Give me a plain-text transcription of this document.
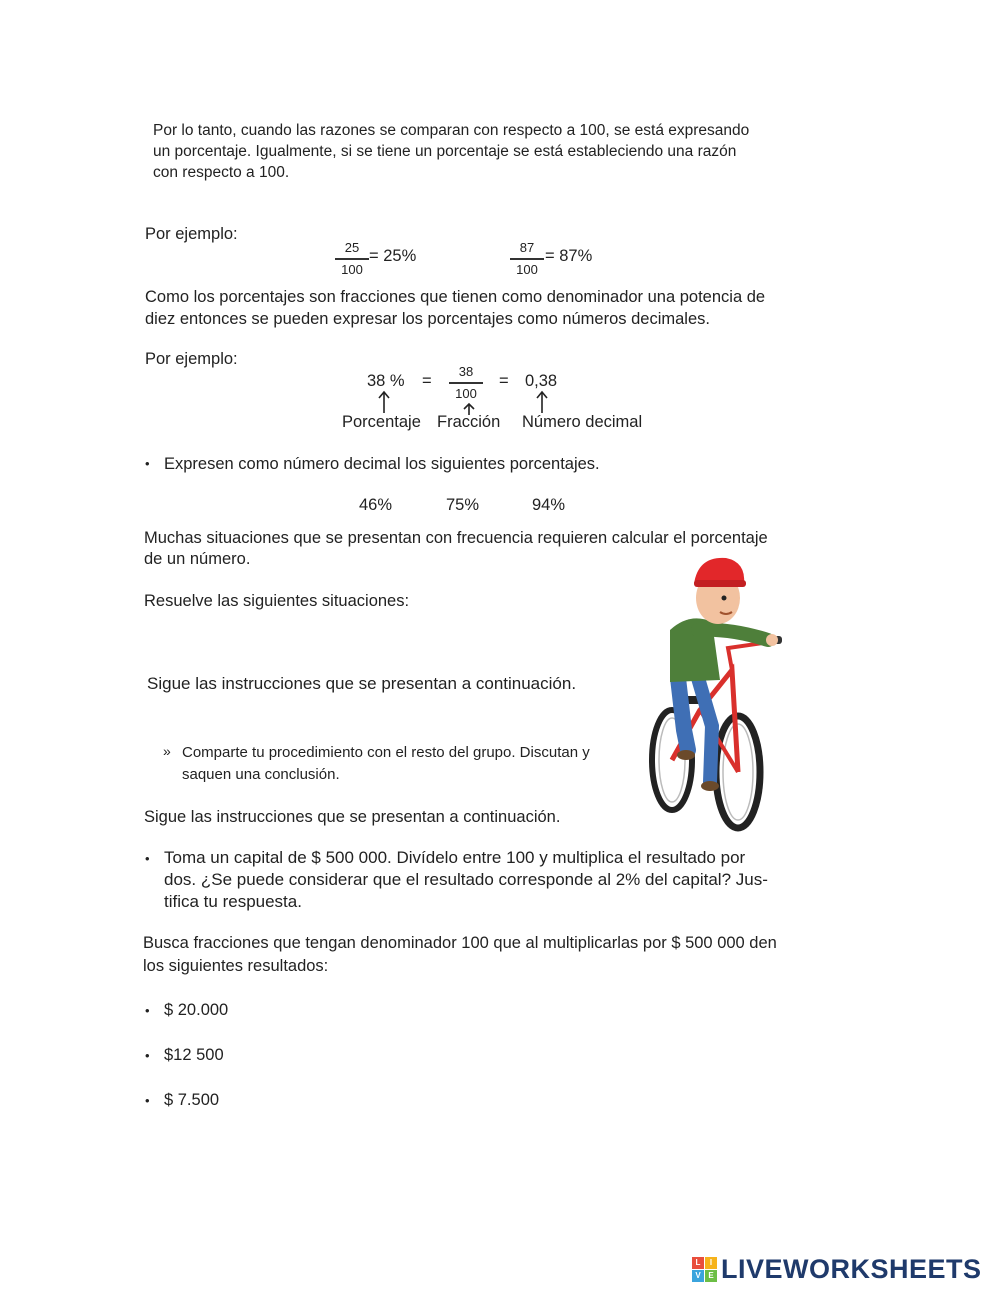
Por lo tanto, cuando las razones se comparan con respecto a 100, se está expresando
un porcentaje. Igualmente, si se tiene un porcentaje se está estableciendo una razón
con respecto a 100.
Por ejemplo:
25
100
= 25%	87
100
= 87%
Como los porcentajes son fracciones que tienen como denominador una potencia de
diez entonces se pueden expresar los porcentajes como números decimales.
Por ejemplo:
38 % =
38
100
= 0,38
Porcentaje Fracción Número decimal
• Expresen como número decimal los siguientes porcentajes.
46%	75%	94%
Muchas situaciones que se presentan con frecuencia requieren calcular el porcentaje
de un número.
Resuelve las siguientes situaciones:
Sigue las instrucciones que se presentan a continuación.
» Comparte tu procedimiento con el resto del grupo. Discutan y
saquen una conclusión.
Sigue las instrucciones que se presentan a continuación.
• Toma un capital de $ 500 000. Divídelo entre 100 y multiplica el resultado por
dos. ¿Se puede considerar que el resultado corresponde al 2% del capital? Jus-
tifica tu respuesta.
Busca fracciones que tengan denominador 100 que al multiplicarlas por $ 500 000 den
los siguientes resultados:
• $ 20.000
• $12 500
• $ 7.500
L	I
V E LIVEWORKSHEETS
